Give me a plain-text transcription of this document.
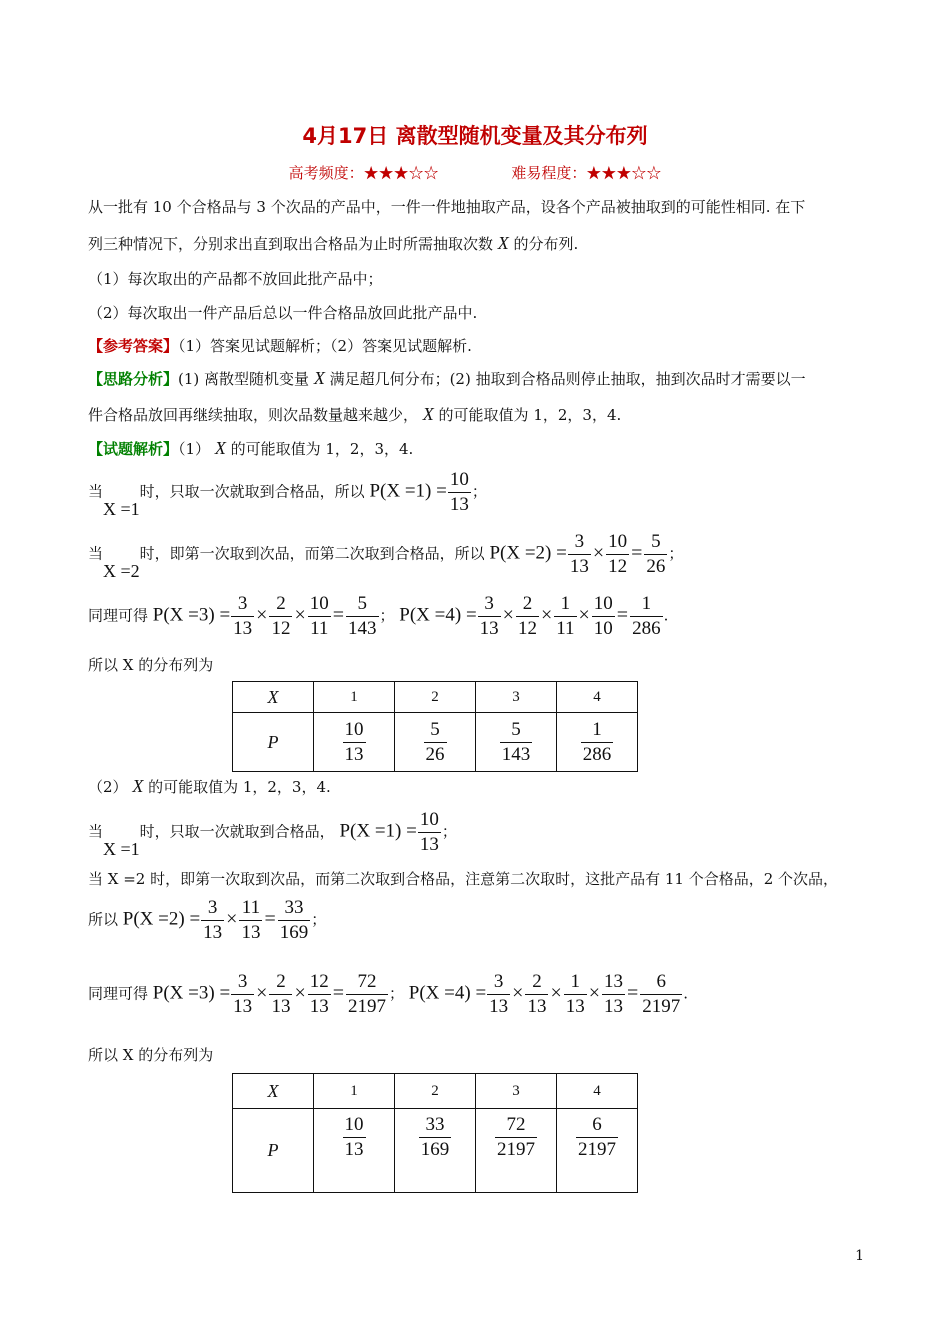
4月17日 离散型随机变量及其分布列
高考频度：★★★☆☆	难易程度：★★★☆☆
从一批有 10 个合格品与 3 个次品的产品中，一件一件地抽取产品，设各个产品被抽取到的可能性相同. 在下
列三种情况下，分别求出直到取出合格品为止时所需抽取次数 X 的分布列.
（1）每次取出的产品都不放回此批产品中；
（2）每次取出一件产品后总以一件合格品放回此批产品中.
【参考答案】（1）答案见试题解析；（2）答案见试题解析.
【思路分析】(1) 离散型随机变量 X 满足超几何分布；(2) 抽取到合格品则停止抽取，抽到次品时才需要以一
件合格品放回再继续抽取，则次品数量越来越少， X 的可能取值为 1，2，3，4.
【试题解析】（1） X 的可能取值为 1，2，3，4.
当X =1时，只取一次就取到合格品，所以 $P(X =1) = \frac{10}{13}$ ；
当X =2时，即第一次取到次品，而第二次取到合格品，所以 $P(X =2) = \frac{3}{13} \times \frac{10}{12} = \frac{5}{26}$ ；
同理可得 $P(X =3) = \frac{3}{13} \times \frac{2}{12} \times \frac{10}{11} = \frac{5}{143}$ ； $P(X =4) = \frac{3}{13} \times \frac{2}{12} \times \frac{1}{11} \times \frac{10}{10} = \frac{1}{286}$ .
所以 X 的分布列为
X	1	2	3	4
P	$\frac{10}{13}$	$\frac{5}{26}$	$\frac{5}{143}$	$\frac{1}{286}$
（2） X 的可能取值为 1，2，3，4.
当X =1时，只取一次就取到合格品， $P(X =1) = \frac{10}{13}$ ；
当 X =2 时，即第一次取到次品，而第二次取到合格品，注意第二次取时，这批产品有 11 个合格品，2 个次品，
所以 $P(X =2) = \frac{3}{13} \times \frac{11}{13} = \frac{33}{169}$ ；
同理可得 $P(X =3) = \frac{3}{13} \times \frac{2}{13} \times \frac{12}{13} = \frac{72}{2197}$ ； $P(X =4) = \frac{3}{13} \times \frac{2}{13} \times \frac{1}{13} \times \frac{13}{13} = \frac{6}{2197}$ .
所以 X 的分布列为
X	1	2	3	4
P	$\frac{10}{13}$	$\frac{33}{169}$	$\frac{72}{2197}$	$\frac{6}{2197}$
1
